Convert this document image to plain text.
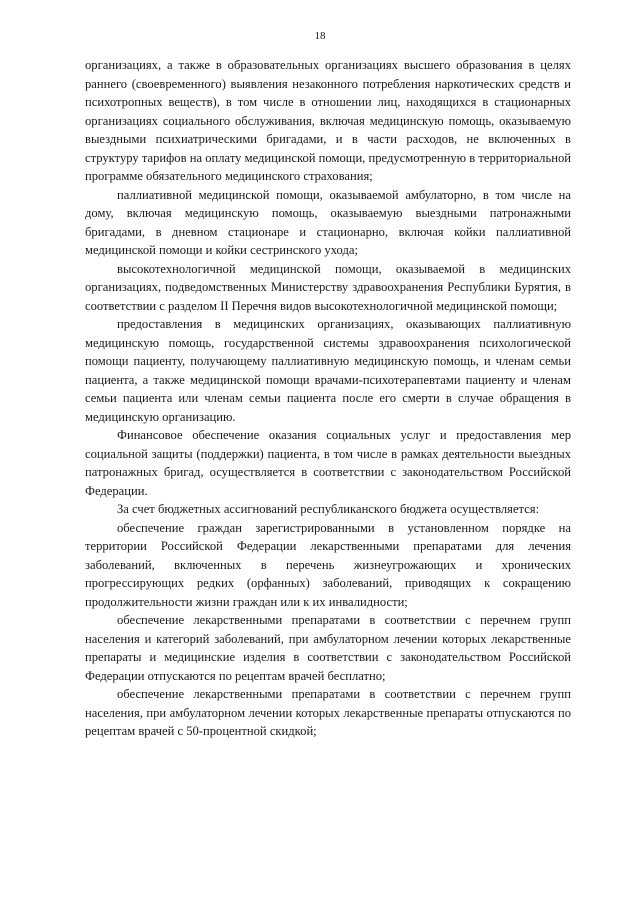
18

организациях, а также в образовательных организациях высшего образования в целях раннего (своевременного) выявления незаконного потребления наркотических средств и психотропных веществ), в том числе в отношении лиц, находящихся в стационарных организациях социального обслуживания, включая медицинскую помощь, оказываемую выездными психиатрическими бригадами, и в части расходов, не включенных в структуру тарифов на оплату медицинской помощи, предусмотренную в территориальной программе обязательного медицинского страхования;

паллиативной медицинской помощи, оказываемой амбулаторно, в том числе на дому, включая медицинскую помощь, оказываемую выездными патронажными бригадами, в дневном стационаре и стационарно, включая койки паллиативной медицинской помощи и койки сестринского ухода;

высокотехнологичной медицинской помощи, оказываемой в медицинских организациях, подведомственных Министерству здравоохранения Республики Бурятия, в соответствии с разделом II Перечня видов высокотехнологичной медицинской помощи;

предоставления в медицинских организациях, оказывающих паллиативную медицинскую помощь, государственной системы здравоохранения психологической помощи пациенту, получающему паллиативную медицинскую помощь, и членам семьи пациента, а также медицинской помощи врачами-психотерапевтами пациенту и членам семьи пациента или членам семьи пациента после его смерти в случае обращения в медицинскую организацию.

Финансовое обеспечение оказания социальных услуг и предоставления мер социальной защиты (поддержки) пациента, в том числе в рамках деятельности выездных патронажных бригад, осуществляется в соответствии с законодательством Российской Федерации.

За счет бюджетных ассигнований республиканского бюджета осуществляется:

обеспечение граждан зарегистрированными в установленном порядке на территории Российской Федерации лекарственными препаратами для лечения заболеваний, включенных в перечень жизнеугрожающих и хронических прогрессирующих редких (орфанных) заболеваний, приводящих к сокращению продолжительности жизни граждан или к их инвалидности;

обеспечение лекарственными препаратами в соответствии с перечнем групп населения и категорий заболеваний, при амбулаторном лечении которых лекарственные препараты и медицинские изделия в соответствии с законодательством Российской Федерации отпускаются по рецептам врачей бесплатно;

обеспечение лекарственными препаратами в соответствии с перечнем групп населения, при амбулаторном лечении которых лекарственные препараты отпускаются по рецептам врачей с 50-процентной скидкой;
